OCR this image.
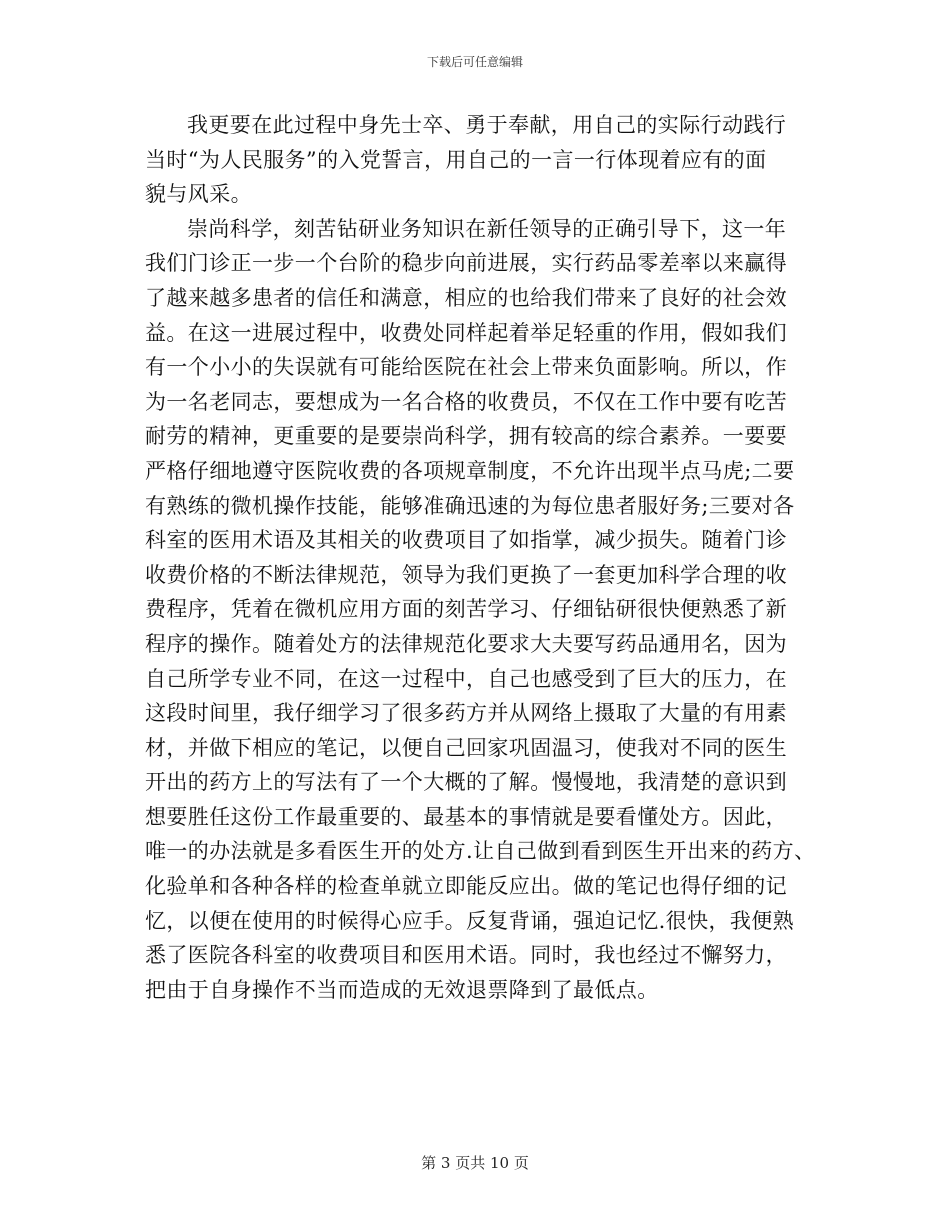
下载后可任意编辑
我更要在此过程中身先士卒、勇于奉献，用自己的实际行动践行
当时“为人民服务”的入党誓言，用自己的一言一行体现着应有的面
貌与风采。
崇尚科学，刻苦钻研业务知识在新任领导的正确引导下，这一年
我们门诊正一步一个台阶的稳步向前进展，实行药品零差率以来赢得
了越来越多患者的信任和满意，相应的也给我们带来了良好的社会效
益。在这一进展过程中，收费处同样起着举足轻重的作用，假如我们
有一个小小的失误就有可能给医院在社会上带来负面影响。所以，作
为一名老同志，要想成为一名合格的收费员，不仅在工作中要有吃苦
耐劳的精神，更重要的是要崇尚科学，拥有较高的综合素养。一要要
严格仔细地遵守医院收费的各项规章制度，不允许出现半点马虎;二要
有熟练的微机操作技能，能够准确迅速的为每位患者服好务;三要对各
科室的医用术语及其相关的收费项目了如指掌，减少损失。随着门诊
收费价格的不断法律规范，领导为我们更换了一套更加科学合理的收
费程序，凭着在微机应用方面的刻苦学习、仔细钻研很快便熟悉了新
程序的操作。随着处方的法律规范化要求大夫要写药品通用名，因为
自己所学专业不同，在这一过程中，自己也感受到了巨大的压力，在
这段时间里，我仔细学习了很多药方并从网络上摄取了大量的有用素
材，并做下相应的笔记，以便自己回家巩固温习，使我对不同的医生
开出的药方上的写法有了一个大概的了解。慢慢地，我清楚的意识到
想要胜任这份工作最重要的、最基本的事情就是要看懂处方。因此，
唯一的办法就是多看医生开的处方.让自己做到看到医生开出来的药方、
化验单和各种各样的检查单就立即能反应出。做的笔记也得仔细的记
忆，以便在使用的时候得心应手。反复背诵，强迫记忆.很快，我便熟
悉了医院各科室的收费项目和医用术语。同时，我也经过不懈努力，
把由于自身操作不当而造成的无效退票降到了最低点。
第 3 页共 10 页
